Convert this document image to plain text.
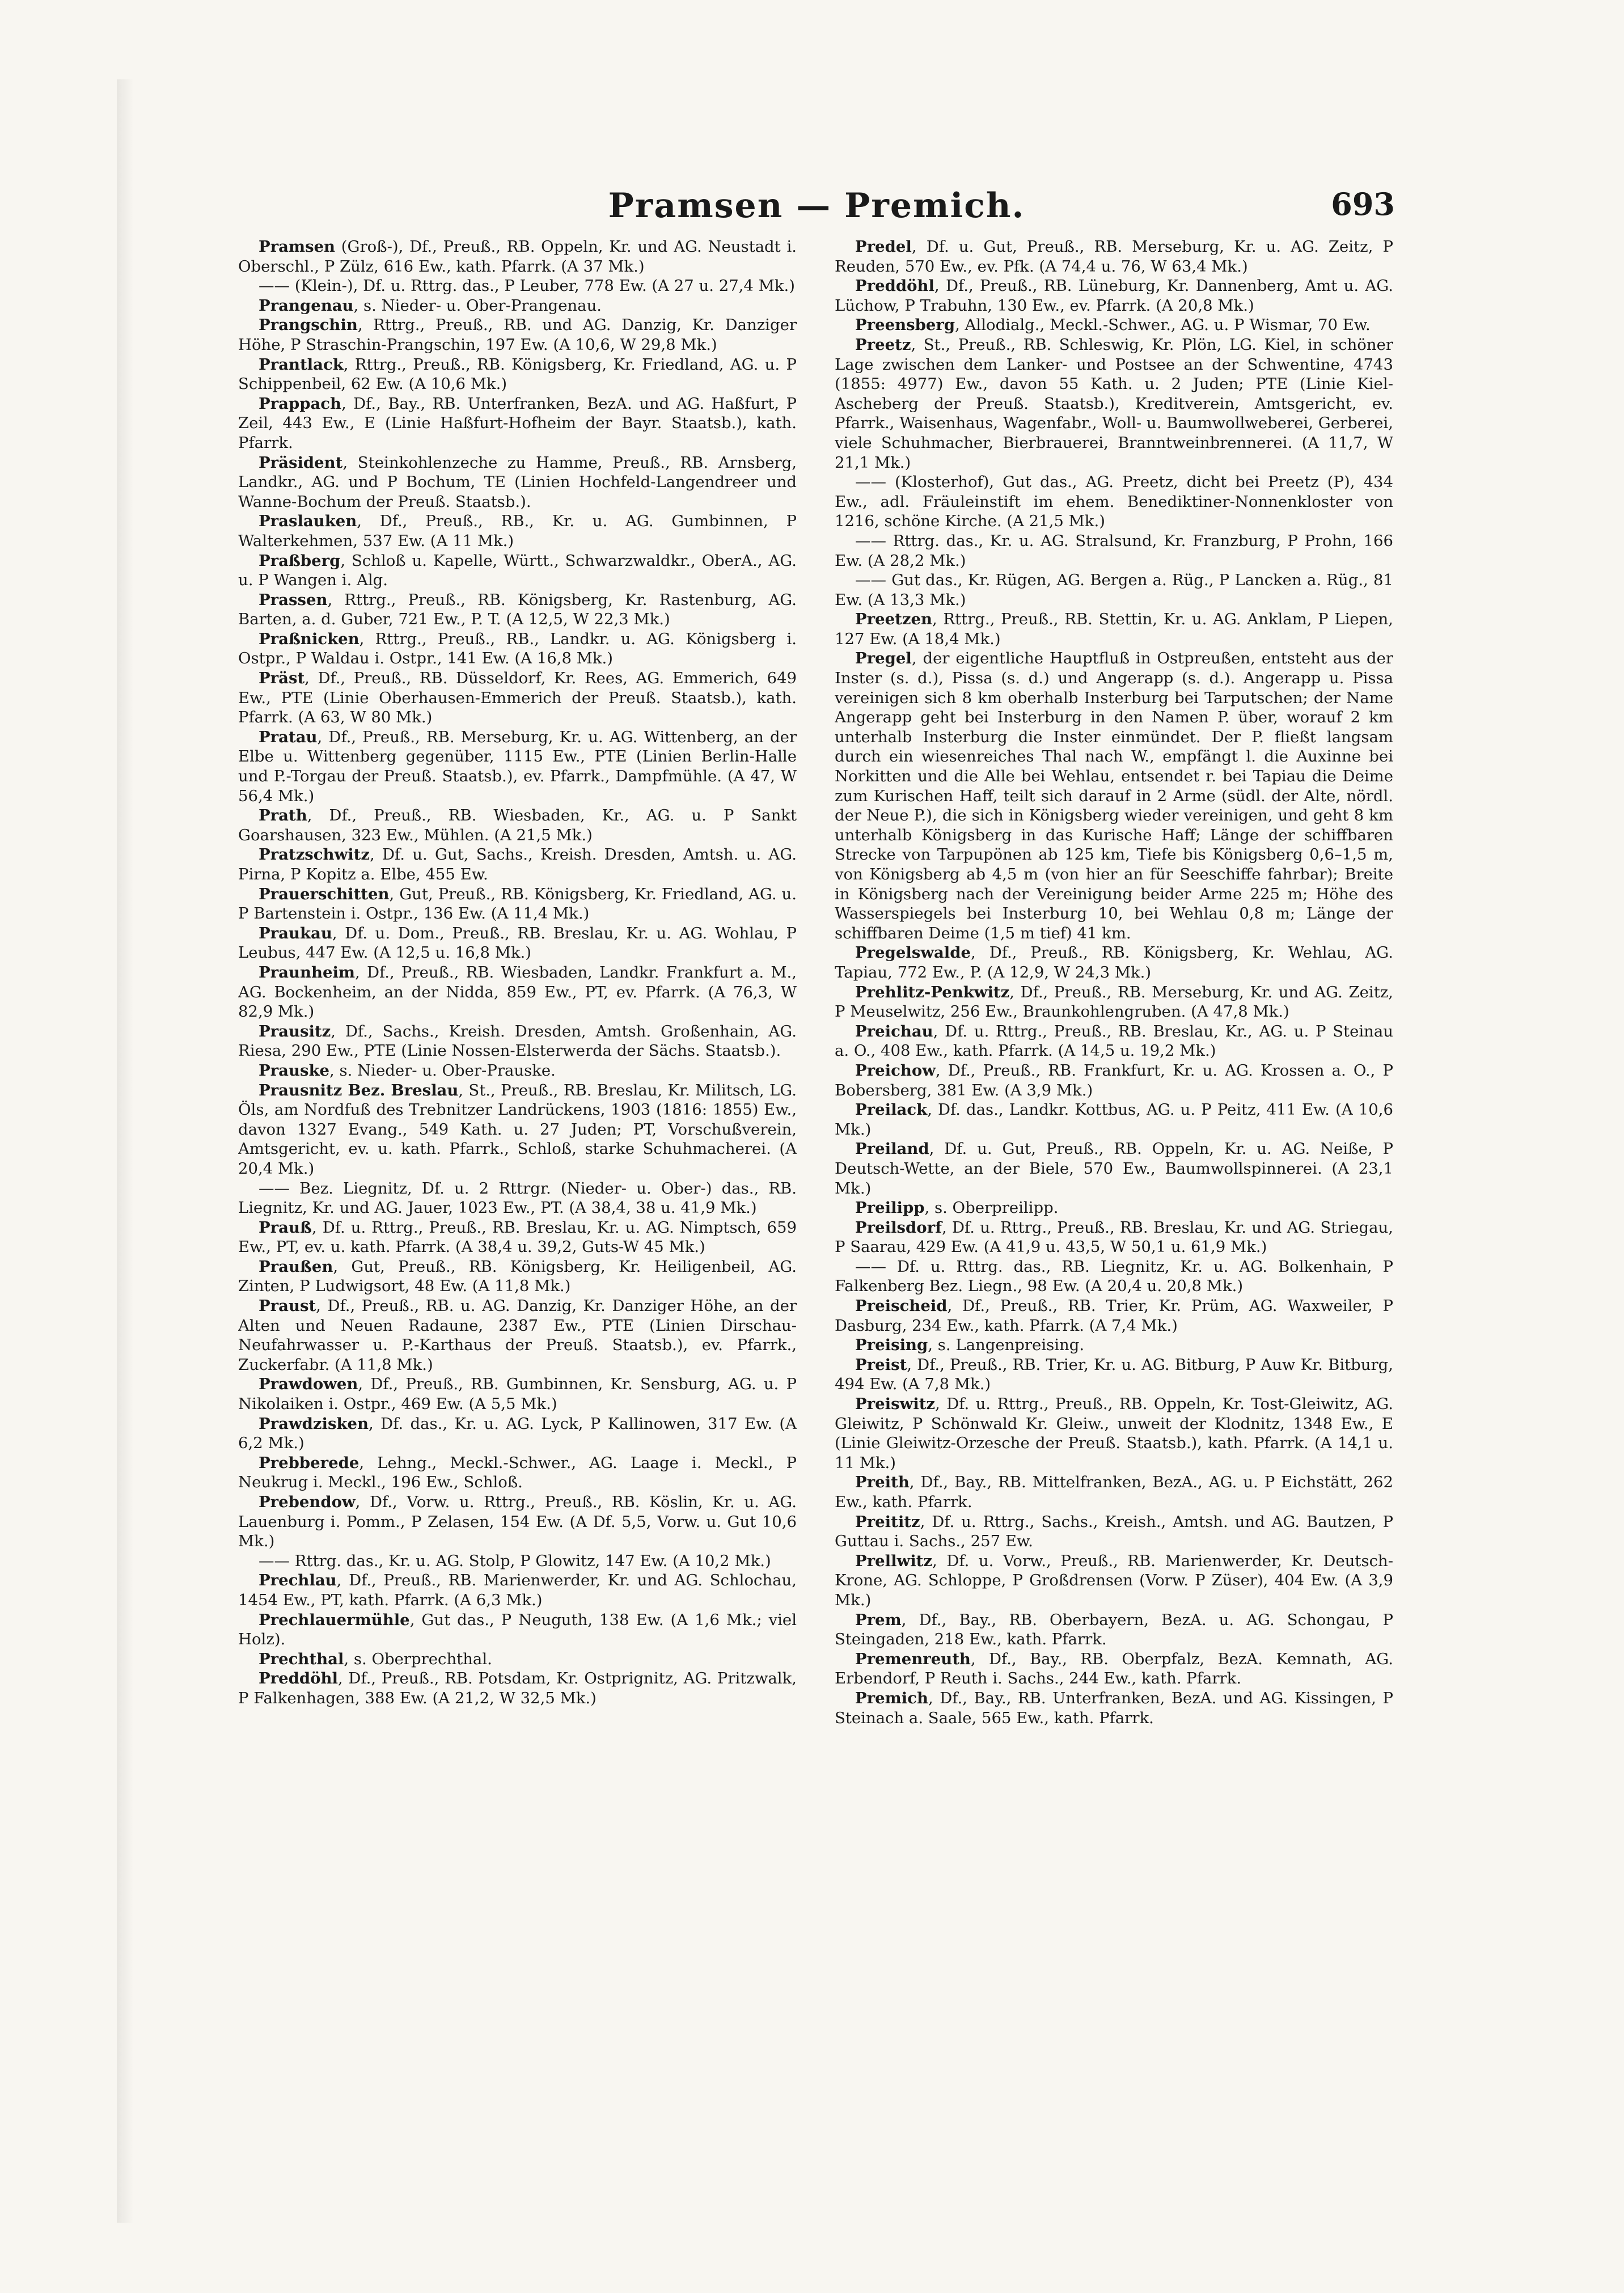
Pramsen — Premich.	693

Pramsen (Groß-), Df., Preuß., RB. Oppeln, Kr. und AG. Neustadt i. Oberschl., P Zülz, 616 Ew., kath. Pfarrk. (A 37 Mk.)

—— (Klein-), Df. u. Rttrg. das., P Leuber, 778 Ew. (A 27 u. 27,4 Mk.)

Prangenau, s. Nieder- u. Ober-Prangenau.

Prangschin, Rttrg., Preuß., RB. und AG. Danzig, Kr. Danziger Höhe, P Straschin-Prangschin, 197 Ew. (A 10,6, W 29,8 Mk.)

Prantlack, Rttrg., Preuß., RB. Königsberg, Kr. Friedland, AG. u. P Schippenbeil, 62 Ew. (A 10,6 Mk.)

Prappach, Df., Bay., RB. Unterfranken, BezA. und AG. Haßfurt, P Zeil, 443 Ew., E (Linie Haßfurt-Hofheim der Bayr. Staatsb.), kath. Pfarrk.

Präsident, Steinkohlenzeche zu Hamme, Preuß., RB. Arnsberg, Landkr., AG. und P Bochum, TE (Linien Hochfeld-Langendreer und Wanne-Bochum der Preuß. Staatsb.).

Praslauken, Df., Preuß., RB., Kr. u. AG. Gumbinnen, P Walterkehmen, 537 Ew. (A 11 Mk.)

Praßberg, Schloß u. Kapelle, Württ., Schwarzwaldkr., OberA., AG. u. P Wangen i. Alg.

Prassen, Rttrg., Preuß., RB. Königsberg, Kr. Rastenburg, AG. Barten, a. d. Guber, 721 Ew., P. T. (A 12,5, W 22,3 Mk.)

Praßnicken, Rttrg., Preuß., RB., Landkr. u. AG. Königsberg i. Ostpr., P Waldau i. Ostpr., 141 Ew. (A 16,8 Mk.)

Präst, Df., Preuß., RB. Düsseldorf, Kr. Rees, AG. Emmerich, 649 Ew., PTE (Linie Oberhausen-Emmerich der Preuß. Staatsb.), kath. Pfarrk. (A 63, W 80 Mk.)

Pratau, Df., Preuß., RB. Merseburg, Kr. u. AG. Wittenberg, an der Elbe u. Wittenberg gegenüber, 1115 Ew., PTE (Linien Berlin-Halle und P.-Torgau der Preuß. Staatsb.), ev. Pfarrk., Dampfmühle. (A 47, W 56,4 Mk.)

Prath, Df., Preuß., RB. Wiesbaden, Kr., AG. u. P Sankt Goarshausen, 323 Ew., Mühlen. (A 21,5 Mk.)

Pratzschwitz, Df. u. Gut, Sachs., Kreish. Dresden, Amtsh. u. AG. Pirna, P Kopitz a. Elbe, 455 Ew.

Prauerschitten, Gut, Preuß., RB. Königsberg, Kr. Friedland, AG. u. P Bartenstein i. Ostpr., 136 Ew. (A 11,4 Mk.)

Praukau, Df. u. Dom., Preuß., RB. Breslau, Kr. u. AG. Wohlau, P Leubus, 447 Ew. (A 12,5 u. 16,8 Mk.)

Praunheim, Df., Preuß., RB. Wiesbaden, Landkr. Frankfurt a. M., AG. Bockenheim, an der Nidda, 859 Ew., PT, ev. Pfarrk. (A 76,3, W 82,9 Mk.)

Prausitz, Df., Sachs., Kreish. Dresden, Amtsh. Großenhain, AG. Riesa, 290 Ew., PTE (Linie Nossen-Elsterwerda der Sächs. Staatsb.).

Prauske, s. Nieder- u. Ober-Prauske.

Prausnitz Bez. Breslau, St., Preuß., RB. Breslau, Kr. Militsch, LG. Öls, am Nordfuß des Trebnitzer Landrückens, 1903 (1816: 1855) Ew., davon 1327 Evang., 549 Kath. u. 27 Juden; PT, Vorschußverein, Amtsgericht, ev. u. kath. Pfarrk., Schloß, starke Schuhmacherei. (A 20,4 Mk.)

—— Bez. Liegnitz, Df. u. 2 Rttrgr. (Nieder- u. Ober-) das., RB. Liegnitz, Kr. und AG. Jauer, 1023 Ew., PT. (A 38,4, 38 u. 41,9 Mk.)

Prauß, Df. u. Rttrg., Preuß., RB. Breslau, Kr. u. AG. Nimptsch, 659 Ew., PT, ev. u. kath. Pfarrk. (A 38,4 u. 39,2, Guts-W 45 Mk.)

Praußen, Gut, Preuß., RB. Königsberg, Kr. Heiligenbeil, AG. Zinten, P Ludwigsort, 48 Ew. (A 11,8 Mk.)

Praust, Df., Preuß., RB. u. AG. Danzig, Kr. Danziger Höhe, an der Alten und Neuen Radaune, 2387 Ew., PTE (Linien Dirschau-Neufahrwasser u. P.-Karthaus der Preuß. Staatsb.), ev. Pfarrk., Zuckerfabr. (A 11,8 Mk.)

Prawdowen, Df., Preuß., RB. Gumbinnen, Kr. Sensburg, AG. u. P Nikolaiken i. Ostpr., 469 Ew. (A 5,5 Mk.)

Prawdzisken, Df. das., Kr. u. AG. Lyck, P Kallinowen, 317 Ew. (A 6,2 Mk.)

Prebberede, Lehng., Meckl.-Schwer., AG. Laage i. Meckl., P Neukrug i. Meckl., 196 Ew., Schloß.

Prebendow, Df., Vorw. u. Rttrg., Preuß., RB. Köslin, Kr. u. AG. Lauenburg i. Pomm., P Zelasen, 154 Ew. (A Df. 5,5, Vorw. u. Gut 10,6 Mk.)

—— Rttrg. das., Kr. u. AG. Stolp, P Glowitz, 147 Ew. (A 10,2 Mk.)

Prechlau, Df., Preuß., RB. Marienwerder, Kr. und AG. Schlochau, 1454 Ew., PT, kath. Pfarrk. (A 6,3 Mk.)

Prechlauermühle, Gut das., P Neuguth, 138 Ew. (A 1,6 Mk.; viel Holz).

Prechthal, s. Oberprechthal.

Preddöhl, Df., Preuß., RB. Potsdam, Kr. Ostprignitz, AG. Pritzwalk, P Falkenhagen, 388 Ew. (A 21,2, W 32,5 Mk.)

Predel, Df. u. Gut, Preuß., RB. Merseburg, Kr. u. AG. Zeitz, P Reuden, 570 Ew., ev. Pfk. (A 74,4 u. 76, W 63,4 Mk.)

Preddöhl, Df., Preuß., RB. Lüneburg, Kr. Dannenberg, Amt u. AG. Lüchow, P Trabuhn, 130 Ew., ev. Pfarrk. (A 20,8 Mk.)

Preensberg, Allodialg., Meckl.-Schwer., AG. u. P Wismar, 70 Ew.

Preetz, St., Preuß., RB. Schleswig, Kr. Plön, LG. Kiel, in schöner Lage zwischen dem Lanker- und Postsee an der Schwentine, 4743 (1855: 4977) Ew., davon 55 Kath. u. 2 Juden; PTE (Linie Kiel-Ascheberg der Preuß. Staatsb.), Kreditverein, Amtsgericht, ev. Pfarrk., Waisenhaus, Wagenfabr., Woll- u. Baumwollweberei, Gerberei, viele Schuhmacher, Bierbrauerei, Branntweinbrennerei. (A 11,7, W 21,1 Mk.)

—— (Klosterhof), Gut das., AG. Preetz, dicht bei Preetz (P), 434 Ew., adl. Fräuleinstift im ehem. Benediktiner-Nonnenkloster von 1216, schöne Kirche. (A 21,5 Mk.)

—— Rttrg. das., Kr. u. AG. Stralsund, Kr. Franzburg, P Prohn, 166 Ew. (A 28,2 Mk.)

—— Gut das., Kr. Rügen, AG. Bergen a. Rüg., P Lancken a. Rüg., 81 Ew. (A 13,3 Mk.)

Preetzen, Rttrg., Preuß., RB. Stettin, Kr. u. AG. Anklam, P Liepen, 127 Ew. (A 18,4 Mk.)

Pregel, der eigentliche Hauptfluß in Ostpreußen, entsteht aus der Inster (s. d.), Pissa (s. d.) und Angerapp (s. d.). Angerapp u. Pissa vereinigen sich 8 km oberhalb Insterburg bei Tarputschen; der Name Angerapp geht bei Insterburg in den Namen P. über, worauf 2 km unterhalb Insterburg die Inster einmündet. Der P. fließt langsam durch ein wiesenreiches Thal nach W., empfängt l. die Auxinne bei Norkitten und die Alle bei Wehlau, entsendet r. bei Tapiau die Deime zum Kurischen Haff, teilt sich darauf in 2 Arme (südl. der Alte, nördl. der Neue P.), die sich in Königsberg wieder vereinigen, und geht 8 km unterhalb Königsberg in das Kurische Haff; Länge der schiffbaren Strecke von Tarpupönen ab 125 km, Tiefe bis Königsberg 0,6–1,5 m, von Königsberg ab 4,5 m (von hier an für Seeschiffe fahrbar); Breite in Königsberg nach der Vereinigung beider Arme 225 m; Höhe des Wasserspiegels bei Insterburg 10, bei Wehlau 0,8 m; Länge der schiffbaren Deime (1,5 m tief) 41 km.

Pregelswalde, Df., Preuß., RB. Königsberg, Kr. Wehlau, AG. Tapiau, 772 Ew., P. (A 12,9, W 24,3 Mk.)

Prehlitz-Penkwitz, Df., Preuß., RB. Merseburg, Kr. und AG. Zeitz, P Meuselwitz, 256 Ew., Braunkohlengruben. (A 47,8 Mk.)

Preichau, Df. u. Rttrg., Preuß., RB. Breslau, Kr., AG. u. P Steinau a. O., 408 Ew., kath. Pfarrk. (A 14,5 u. 19,2 Mk.)

Preichow, Df., Preuß., RB. Frankfurt, Kr. u. AG. Krossen a. O., P Bobersberg, 381 Ew. (A 3,9 Mk.)

Preilack, Df. das., Landkr. Kottbus, AG. u. P Peitz, 411 Ew. (A 10,6 Mk.)

Preiland, Df. u. Gut, Preuß., RB. Oppeln, Kr. u. AG. Neiße, P Deutsch-Wette, an der Biele, 570 Ew., Baumwollspinnerei. (A 23,1 Mk.)

Preilipp, s. Oberpreilipp.

Preilsdorf, Df. u. Rttrg., Preuß., RB. Breslau, Kr. und AG. Striegau, P Saarau, 429 Ew. (A 41,9 u. 43,5, W 50,1 u. 61,9 Mk.)

—— Df. u. Rttrg. das., RB. Liegnitz, Kr. u. AG. Bolkenhain, P Falkenberg Bez. Liegn., 98 Ew. (A 20,4 u. 20,8 Mk.)

Preischeid, Df., Preuß., RB. Trier, Kr. Prüm, AG. Waxweiler, P Dasburg, 234 Ew., kath. Pfarrk. (A 7,4 Mk.)

Preising, s. Langenpreising.

Preist, Df., Preuß., RB. Trier, Kr. u. AG. Bitburg, P Auw Kr. Bitburg, 494 Ew. (A 7,8 Mk.)

Preiswitz, Df. u. Rttrg., Preuß., RB. Oppeln, Kr. Tost-Gleiwitz, AG. Gleiwitz, P Schönwald Kr. Gleiw., unweit der Klodnitz, 1348 Ew., E (Linie Gleiwitz-Orzesche der Preuß. Staatsb.), kath. Pfarrk. (A 14,1 u. 11 Mk.)

Preith, Df., Bay., RB. Mittelfranken, BezA., AG. u. P Eichstätt, 262 Ew., kath. Pfarrk.

Preititz, Df. u. Rttrg., Sachs., Kreish., Amtsh. und AG. Bautzen, P Guttau i. Sachs., 257 Ew.

Prellwitz, Df. u. Vorw., Preuß., RB. Marienwerder, Kr. Deutsch-Krone, AG. Schloppe, P Großdrensen (Vorw. P Züser), 404 Ew. (A 3,9 Mk.)

Prem, Df., Bay., RB. Oberbayern, BezA. u. AG. Schongau, P Steingaden, 218 Ew., kath. Pfarrk.

Premenreuth, Df., Bay., RB. Oberpfalz, BezA. Kemnath, AG. Erbendorf, P Reuth i. Sachs., 244 Ew., kath. Pfarrk.

Premich, Df., Bay., RB. Unterfranken, BezA. und AG. Kissingen, P Steinach a. Saale, 565 Ew., kath. Pfarrk.
